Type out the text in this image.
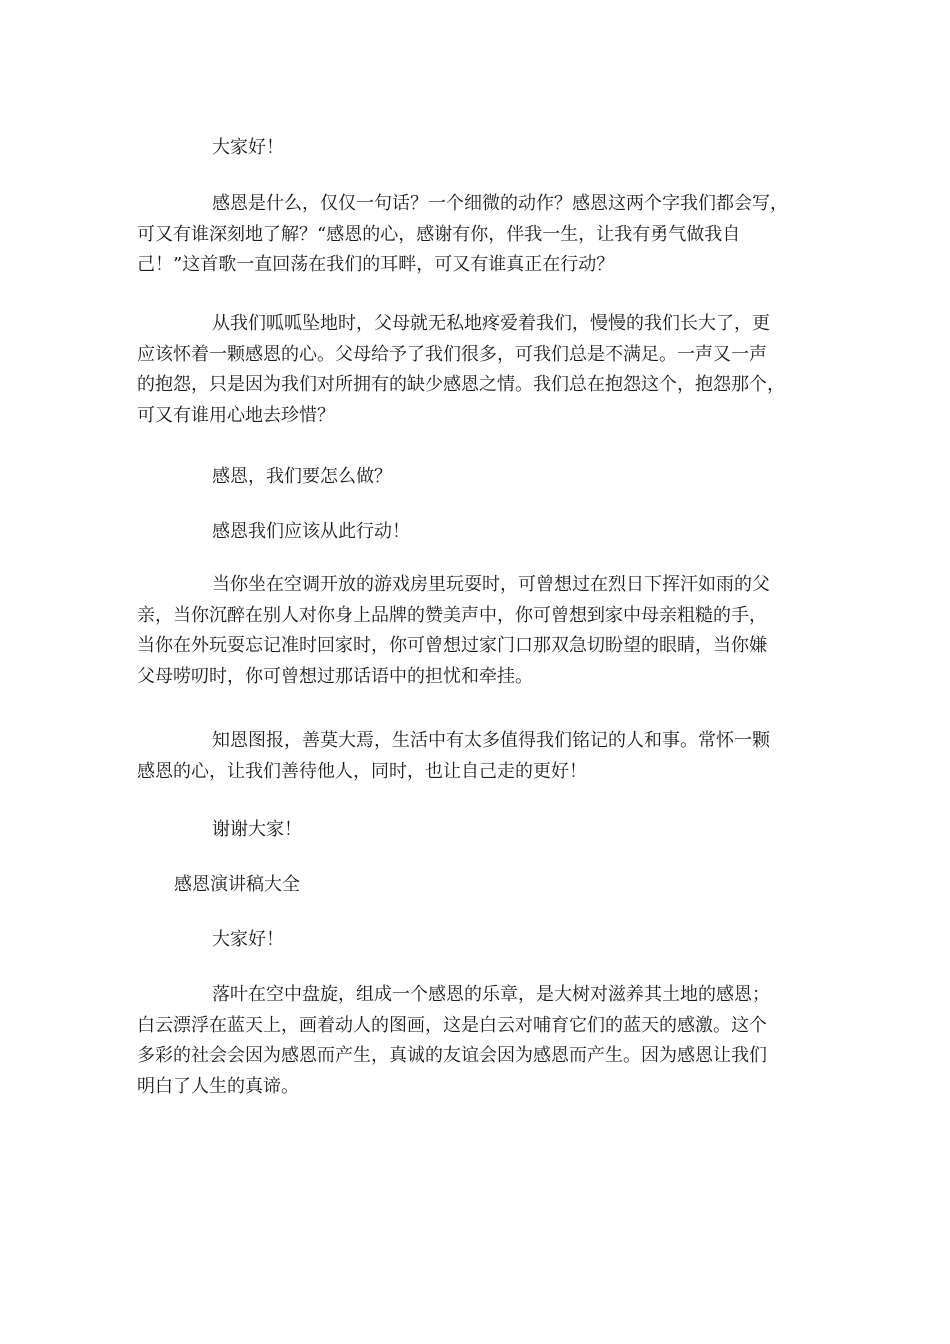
大家好！

感恩是什么，仅仅一句话？一个细微的动作？感恩这两个字我们都会写，
可又有谁深刻地了解？“感恩的心，感谢有你，伴我一生，让我有勇气做我自
己！”这首歌一直回荡在我们的耳畔，可又有谁真正在行动？

从我们呱呱坠地时，父母就无私地疼爱着我们，慢慢的我们长大了，更
应该怀着一颗感恩的心。父母给予了我们很多，可我们总是不满足。一声又一声
的抱怨，只是因为我们对所拥有的缺少感恩之情。我们总在抱怨这个，抱怨那个，
可又有谁用心地去珍惜？

感恩，我们要怎么做？

感恩我们应该从此行动！

当你坐在空调开放的游戏房里玩耍时，可曾想过在烈日下挥汗如雨的父
亲，当你沉醉在别人对你身上品牌的赞美声中，你可曾想到家中母亲粗糙的手，
当你在外玩耍忘记准时回家时，你可曾想过家门口那双急切盼望的眼睛，当你嫌
父母唠叨时，你可曾想过那话语中的担忧和牵挂。

知恩图报，善莫大焉，生活中有太多值得我们铭记的人和事。常怀一颗
感恩的心，让我们善待他人，同时，也让自己走的更好！

谢谢大家！

感恩演讲稿大全

大家好！

落叶在空中盘旋，组成一个感恩的乐章，是大树对滋养其土地的感恩；
白云漂浮在蓝天上，画着动人的图画，这是白云对哺育它们的蓝天的感激。这个
多彩的社会会因为感恩而产生，真诚的友谊会因为感恩而产生。因为感恩让我们
明白了人生的真谛。
